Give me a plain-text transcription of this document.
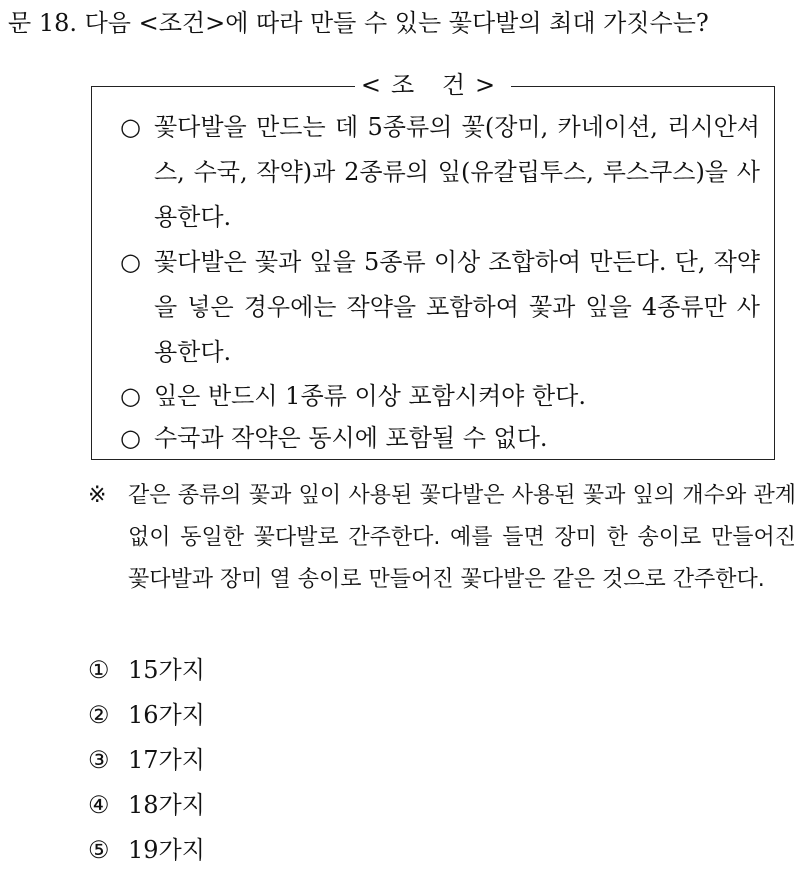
문 18. 다음 <조건>에 따라 만들 수 있는 꽃다발의 최대 가짓수는?
<조 건>
○ 꽃다발을 만드는 데 5종류의 꽃(장미, 카네이션, 리시안셔스, 수국, 작약)과 2종류의 잎(유칼립투스, 루스쿠스)을 사용한다.
○ 꽃다발은 꽃과 잎을 5종류 이상 조합하여 만든다. 단, 작약을 넣은 경우에는 작약을 포함하여 꽃과 잎을 4종류만 사용한다.
○ 잎은 반드시 1종류 이상 포함시켜야 한다.
○ 수국과 작약은 동시에 포함될 수 없다.
※ 같은 종류의 꽃과 잎이 사용된 꽃다발은 사용된 꽃과 잎의 개수와 관계없이 동일한 꽃다발로 간주한다. 예를 들면 장미 한 송이로 만들어진 꽃다발과 장미 열 송이로 만들어진 꽃다발은 같은 것으로 간주한다.
① 15가지
② 16가지
③ 17가지
④ 18가지
⑤ 19가지
